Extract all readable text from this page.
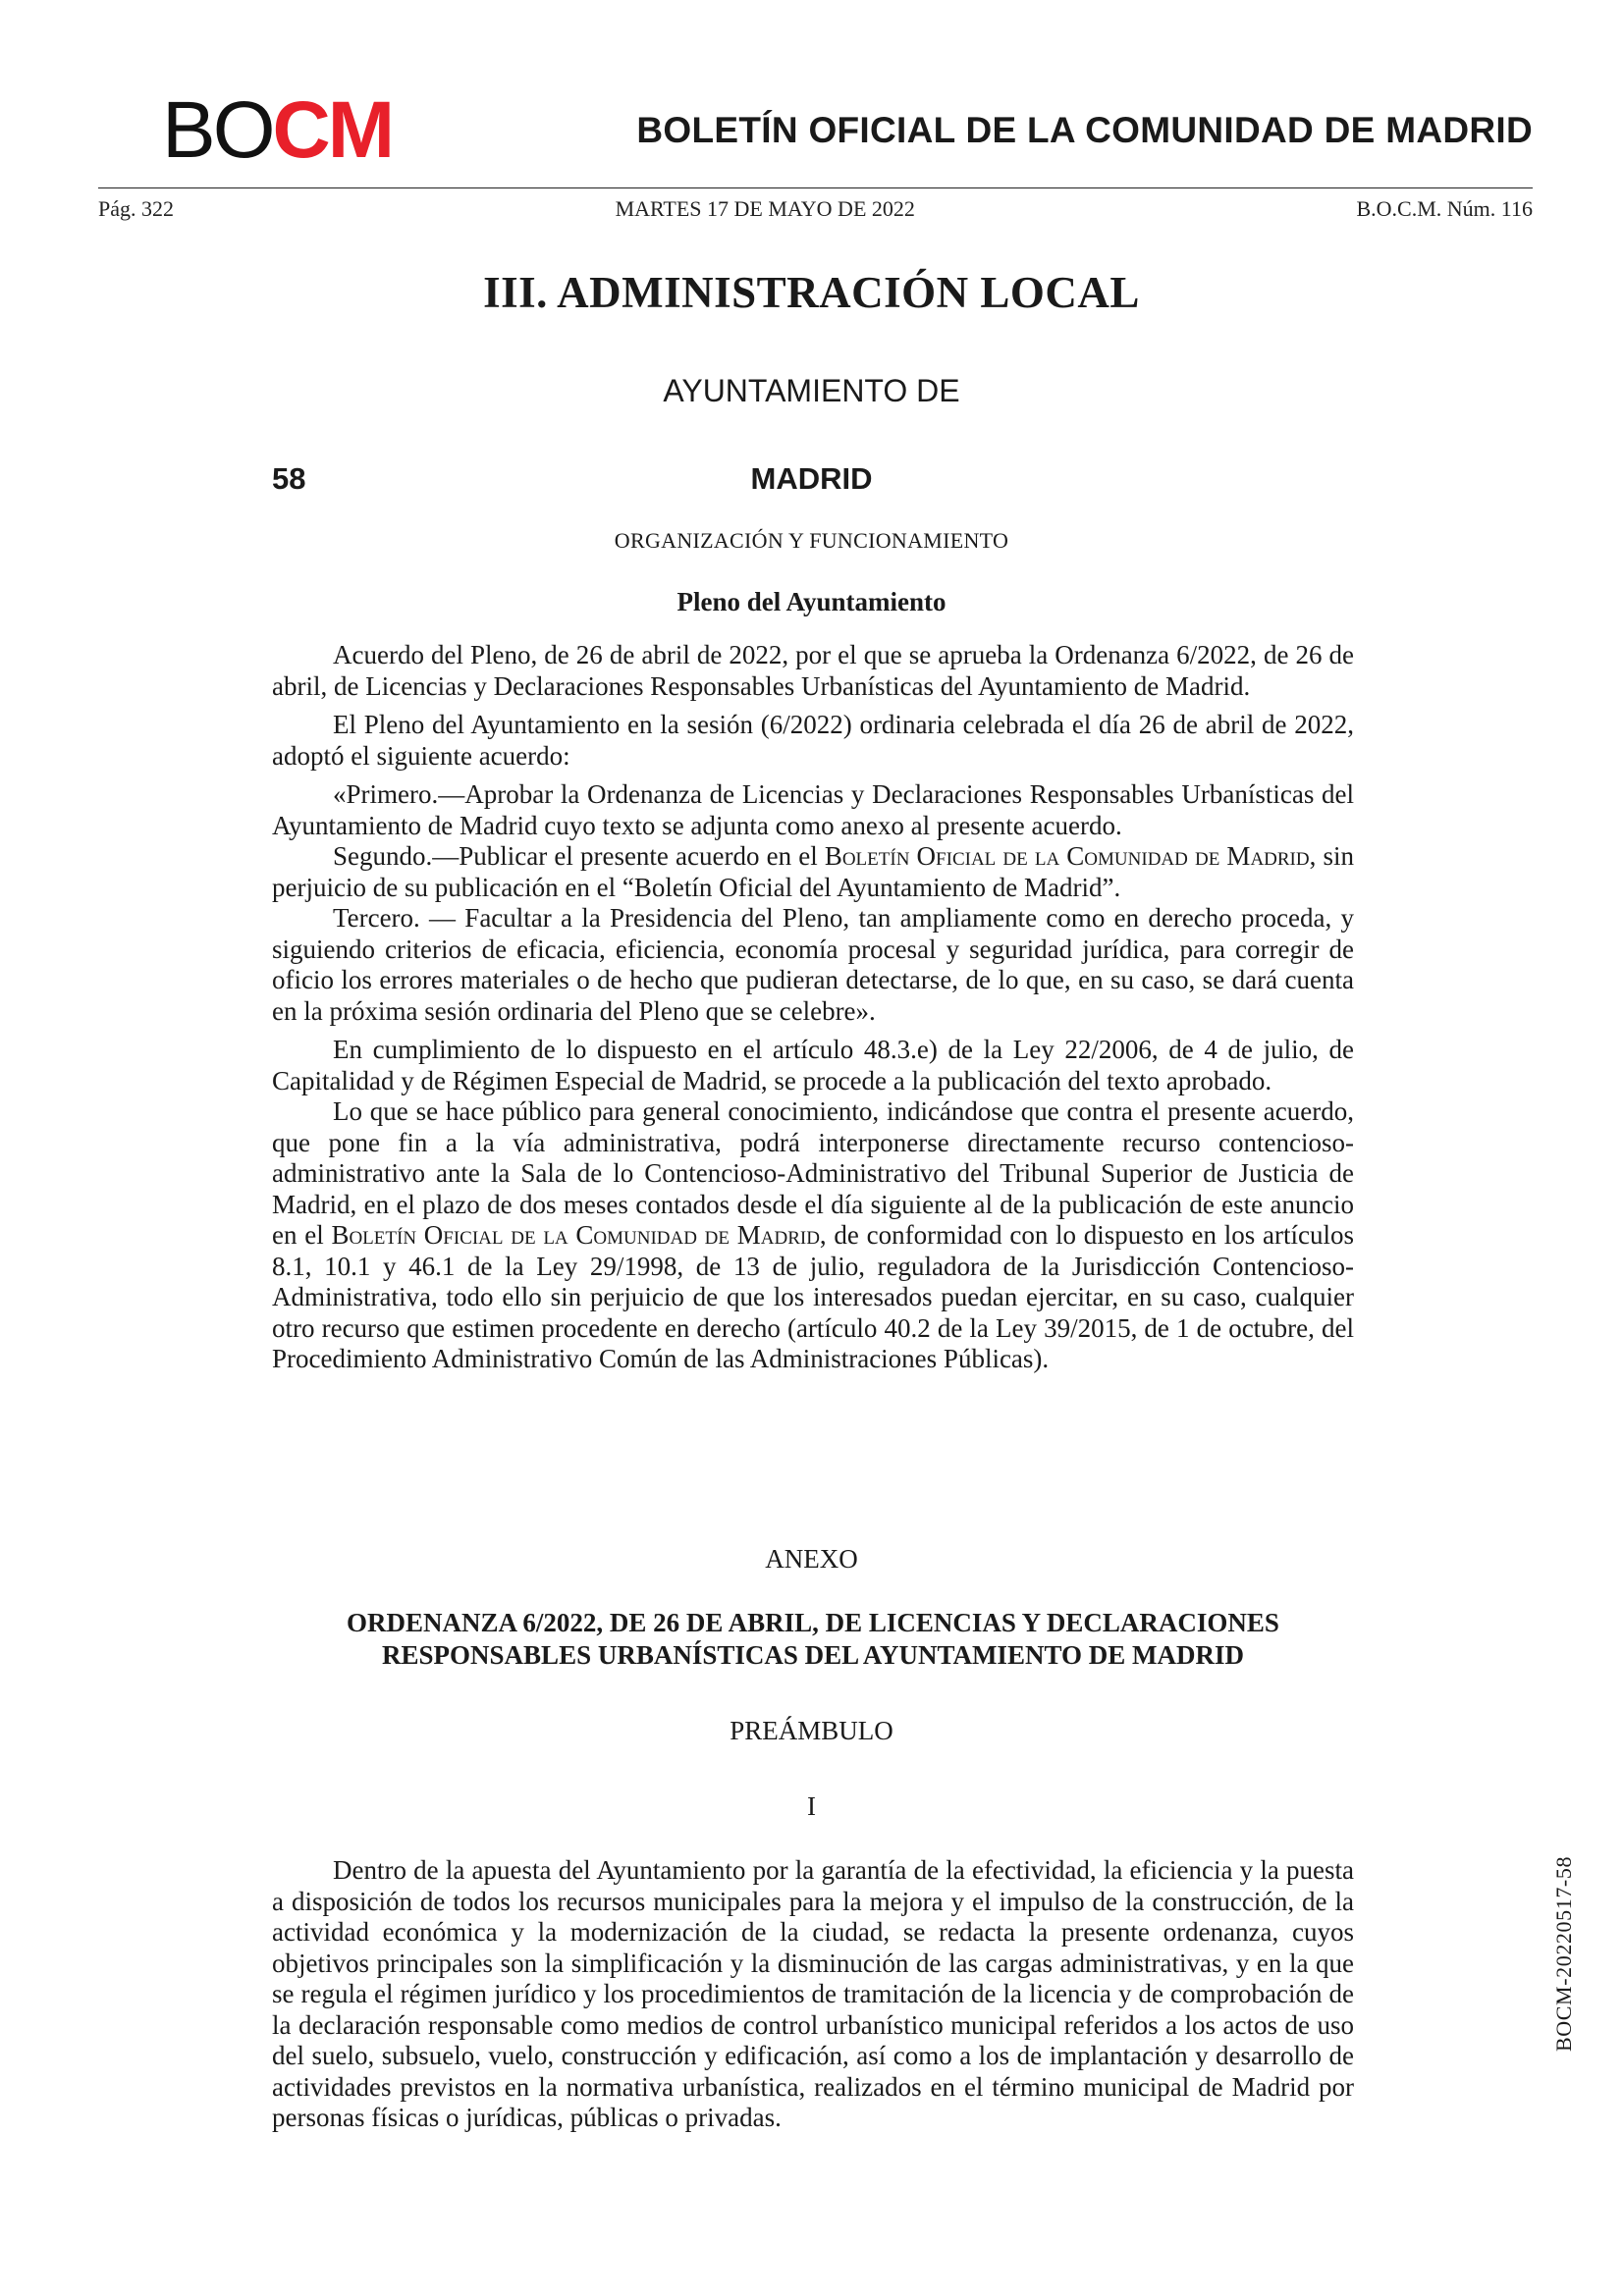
BOCM	BOLETÍN OFICIAL DE LA COMUNIDAD DE MADRID
Pág. 322	MARTES 17 DE MAYO DE 2022	B.O.C.M. Núm. 116
III. ADMINISTRACIÓN LOCAL
AYUNTAMIENTO DE
58	MADRID
ORGANIZACIÓN Y FUNCIONAMIENTO
Pleno del Ayuntamiento

Acuerdo del Pleno, de 26 de abril de 2022, por el que se aprueba la Ordenanza 6/2022, de 26 de abril, de Licencias y Declaraciones Responsables Urbanísticas del Ayuntamiento de Madrid.

El Pleno del Ayuntamiento en la sesión (6/2022) ordinaria celebrada el día 26 de abril de 2022, adoptó el siguiente acuerdo:

«Primero.—Aprobar la Ordenanza de Licencias y Declaraciones Responsables Urbanísticas del Ayuntamiento de Madrid cuyo texto se adjunta como anexo al presente acuerdo.

Segundo.—Publicar el presente acuerdo en el Boletín Oficial de la Comunidad de Madrid, sin perjuicio de su publicación en el “Boletín Oficial del Ayuntamiento de Madrid”.

Tercero. — Facultar a la Presidencia del Pleno, tan ampliamente como en derecho proceda, y siguiendo criterios de eficacia, eficiencia, economía procesal y seguridad jurídica, para corregir de oficio los errores materiales o de hecho que pudieran detectarse, de lo que, en su caso, se dará cuenta en la próxima sesión ordinaria del Pleno que se celebre».

En cumplimiento de lo dispuesto en el artículo 48.3.e) de la Ley 22/2006, de 4 de julio, de Capitalidad y de Régimen Especial de Madrid, se procede a la publicación del texto aprobado.

Lo que se hace público para general conocimiento, indicándose que contra el presente acuerdo, que pone fin a la vía administrativa, podrá interponerse directamente recurso contencioso-administrativo ante la Sala de lo Contencioso-Administrativo del Tribunal Superior de Justicia de Madrid, en el plazo de dos meses contados desde el día siguiente al de la publicación de este anuncio en el Boletín Oficial de la Comunidad de Madrid, de conformidad con lo dispuesto en los artículos 8.1, 10.1 y 46.1 de la Ley 29/1998, de 13 de julio, reguladora de la Jurisdicción Contencioso-Administrativa, todo ello sin perjuicio de que los interesados puedan ejercitar, en su caso, cualquier otro recurso que estimen procedente en derecho (artículo 40.2 de la Ley 39/2015, de 1 de octubre, del Procedimiento Administrativo Común de las Administraciones Públicas).

ANEXO
ORDENANZA 6/2022, DE 26 DE ABRIL, DE LICENCIAS Y DECLARACIONES
RESPONSABLES URBANÍSTICAS DEL AYUNTAMIENTO DE MADRID
PREÁMBULO
I

Dentro de la apuesta del Ayuntamiento por la garantía de la efectividad, la eficiencia y la puesta a disposición de todos los recursos municipales para la mejora y el impulso de la construcción, de la actividad económica y la modernización de la ciudad, se redacta la presente ordenanza, cuyos objetivos principales son la simplificación y la disminución de las cargas administrativas, y en la que se regula el régimen jurídico y los procedimientos de tramitación de la licencia y de comprobación de la declaración responsable como medios de control urbanístico municipal referidos a los actos de uso del suelo, subsuelo, vuelo, construcción y edificación, así como a los de implantación y desarrollo de actividades previstos en la normativa urbanística, realizados en el término municipal de Madrid por personas físicas o jurídicas, públicas o privadas.

BOCM-20220517-58
